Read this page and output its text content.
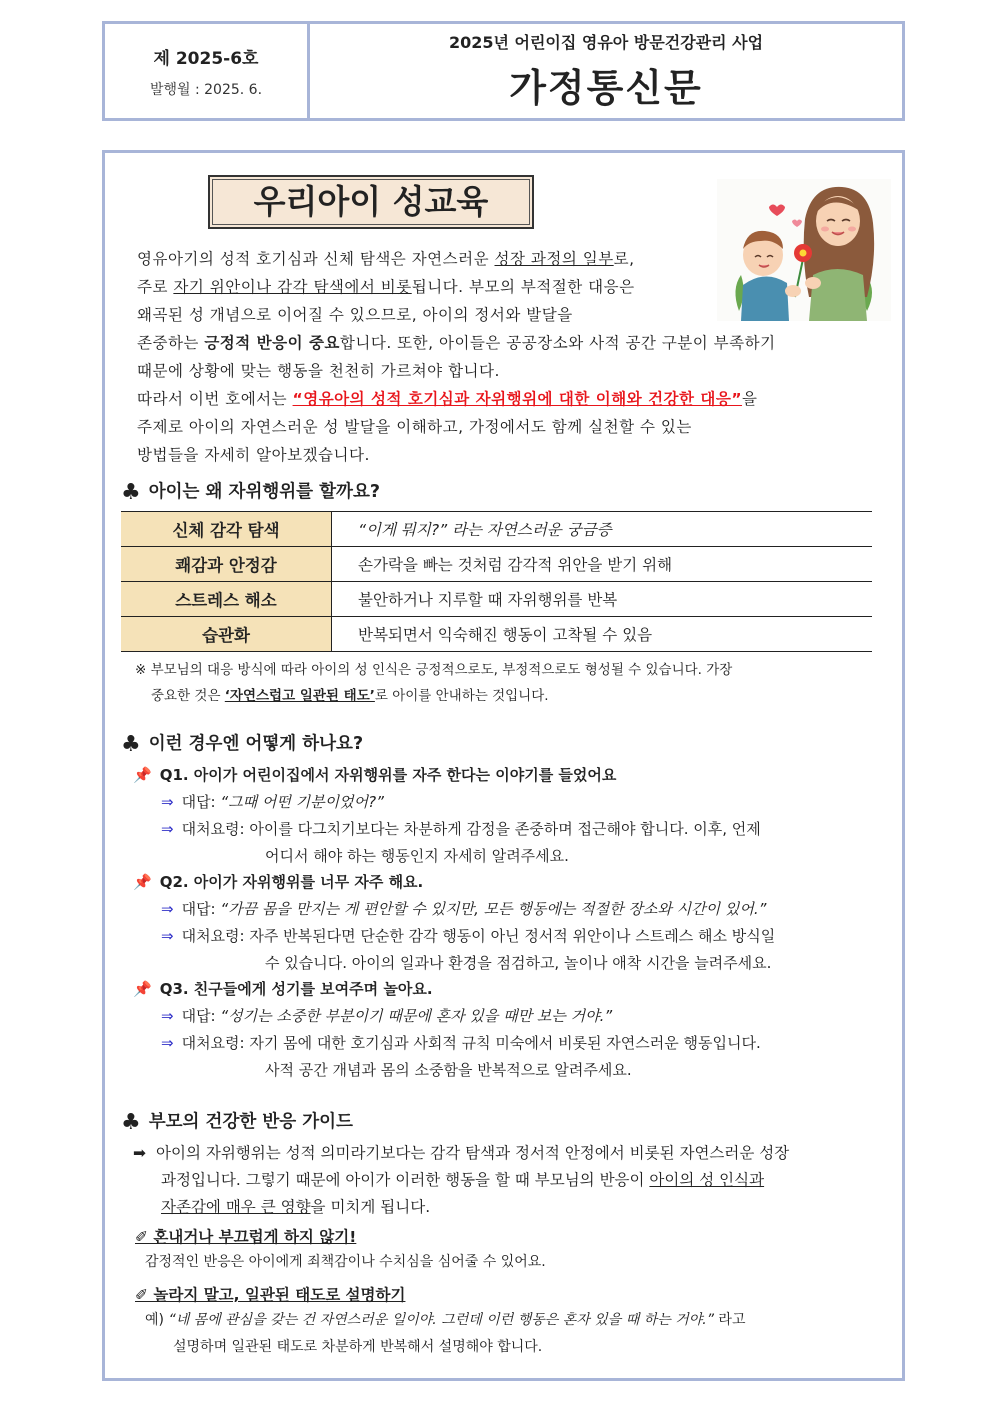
제 2025-6호
발행월 : 2025. 6.
2025년 어린이집 영유아 방문건강관리 사업
가정통신문
우리아이 성교육

영유아기의 성적 호기심과 신체 탐색은 자연스러운 성장 과정의 일부로,

주로 자기 위안이나 감각 탐색에서 비롯됩니다. 부모의 부적절한 대응은

왜곡된 성 개념으로 이어질 수 있으므로, 아이의 정서와 발달을

존중하는 긍정적 반응이 중요합니다. 또한, 아이들은 공공장소와 사적 공간 구분이 부족하기

때문에 상황에 맞는 행동을 천천히 가르쳐야 합니다.

따라서 이번 호에서는 “영유아의 성적 호기심과 자위행위에 대한 이해와 건강한 대응”을

주제로 아이의 자연스러운 성 발달을 이해하고, 가정에서도 함께 실천할 수 있는

방법들을 자세히 알아보겠습니다.

♣ 아이는 왜 자위행위를 할까요?
신체 감각 탐색	“이게 뭐지?” 라는 자연스러운 궁금증
쾌감과 안정감	손가락을 빠는 것처럼 감각적 위안을 받기 위해
스트레스 해소	불안하거나 지루할 때 자위행위를 반복
습관화	반복되면서 익숙해진 행동이 고착될 수 있음

※ 부모님의 대응 방식에 따라 아이의 성 인식은 긍정적으로도, 부정적으로도 형성될 수 있습니다. 가장

중요한 것은 ‘자연스럽고 일관된 태도’로 아이를 안내하는 것입니다.

♣ 이런 경우엔 어떻게 하나요?

📌 Q1. 아이가 어린이집에서 자위행위를 자주 한다는 이야기를 들었어요

⇒ 대답: “그때 어떤 기분이었어?”

⇒ 대처요령: 아이를 다그치기보다는 차분하게 감정을 존중하며 접근해야 합니다. 이후, 언제

어디서 해야 하는 행동인지 자세히 알려주세요.

📌 Q2. 아이가 자위행위를 너무 자주 해요.

⇒ 대답: “가끔 몸을 만지는 게 편안할 수 있지만, 모든 행동에는 적절한 장소와 시간이 있어.”

⇒ 대처요령: 자주 반복된다면 단순한 감각 행동이 아닌 정서적 위안이나 스트레스 해소 방식일

수 있습니다. 아이의 일과나 환경을 점검하고, 놀이나 애착 시간을 늘려주세요.

📌 Q3. 친구들에게 성기를 보여주며 놀아요.

⇒ 대답: “성기는 소중한 부분이기 때문에 혼자 있을 때만 보는 거야.”

⇒ 대처요령: 자기 몸에 대한 호기심과 사회적 규칙 미숙에서 비롯된 자연스러운 행동입니다.

사적 공간 개념과 몸의 소중함을 반복적으로 알려주세요.

♣ 부모의 건강한 반응 가이드

➡ 아이의 자위행위는 성적 의미라기보다는 감각 탐색과 정서적 안정에서 비롯된 자연스러운 성장

과정입니다. 그렇기 때문에 아이가 이러한 행동을 할 때 부모님의 반응이 아이의 성 인식과

자존감에 매우 큰 영향을 미치게 됩니다.

✐ 혼내거나 부끄럽게 하지 않기!

감정적인 반응은 아이에게 죄책감이나 수치심을 심어줄 수 있어요.

✐ 놀라지 말고, 일관된 태도로 설명하기

예) “네 몸에 관심을 갖는 건 자연스러운 일이야. 그런데 이런 행동은 혼자 있을 때 하는 거야.” 라고

설명하며 일관된 태도로 차분하게 반복해서 설명해야 합니다.
